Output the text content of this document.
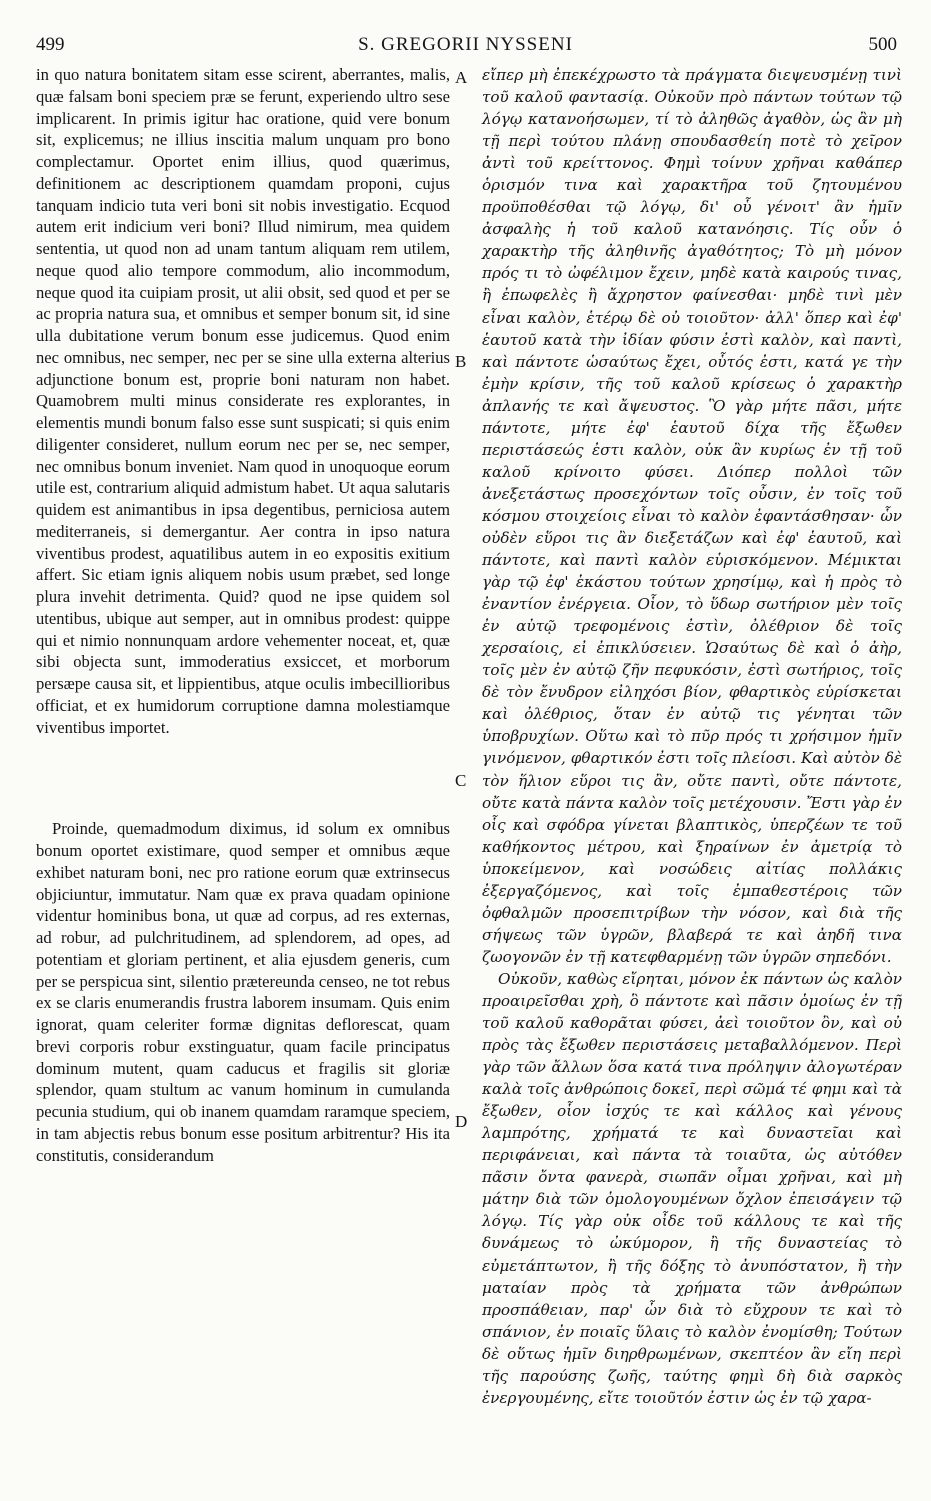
499	S. GREGORII NYSSENI	500

in quo natura bonitatem sitam esse scirent, aberrantes, malis, quæ falsam boni speciem præ se ferunt, experiendo ultro sese implicarent. In primis igitur hac oratione, quid vere bonum sit, explicemus; ne illius inscitia malum unquam pro bono complectamur. Oportet enim illius, quod quærimus, definitionem ac descriptionem quamdam proponi, cujus tanquam indicio tuta veri boni sit nobis investigatio. Ecquod autem erit indicium veri boni? Illud nimirum, mea quidem sententia, ut quod non ad unam tantum aliquam rem utilem, neque quod alio tempore commodum, alio incommodum, neque quod ita cuipiam prosit, ut alii obsit, sed quod et per se ac propria natura sua, et omnibus et semper bonum sit, id sine ulla dubitatione verum bonum esse judicemus. Quod enim nec omnibus, nec semper, nec per se sine ulla externa alterius adjunctione bonum est, proprie boni naturam non habet. Quamobrem multi minus considerate res explorantes, in elementis mundi bonum falso esse sunt suspicati; si quis enim diligenter consideret, nullum eorum nec per se, nec semper, nec omnibus bonum inveniet. Nam quod in unoquoque eorum utile est, contrarium aliquid admistum habet. Ut aqua salutaris quidem est animantibus in ipsa degentibus, perniciosa autem mediterraneis, si demergantur. Aer contra in ipso natura viventibus prodest, aquatilibus autem in eo expositis exitium affert. Sic etiam ignis aliquem nobis usum præbet, sed longe plura invehit detrimenta. Quid? quod ne ipse quidem sol utentibus, ubique aut semper, aut in omnibus prodest: quippe qui et nimio nonnunquam ardore vehementer noceat, et, quæ sibi objecta sunt, immoderatius exsiccet, et morborum persæpe causa sit, et lippientibus, atque oculis imbecillioribus officiat, et ex humidorum corruptione damna molestiamque viventibus importet.

Proinde, quemadmodum diximus, id solum ex omnibus bonum oportet existimare, quod semper et omnibus æque exhibet naturam boni, nec pro ratione eorum quæ extrinsecus objiciuntur, immutatur. Nam quæ ex prava quadam opinione videntur hominibus bona, ut quæ ad corpus, ad res externas, ad robur, ad pulchritudinem, ad splendorem, ad opes, ad potentiam et gloriam pertinent, et alia ejusdem generis, cum per se perspicua sint, silentio prætereunda censeo, ne tot rebus ex se claris enumerandis frustra laborem insumam. Quis enim ignorat, quam celeriter formæ dignitas deflorescat, quam brevi corporis robur exstinguatur, quam facile principatus dominum mutent, quam caducus et fragilis sit gloriæ splendor, quam stultum ac vanum hominum in cumulanda pecunia studium, qui ob inanem quamdam raramque speciem, in tam abjectis rebus bonum esse positum arbitrentur? His ita constitutis, considerandum

A
B
C
D

εἴπερ μὴ ἐπεκέχρωστο τὰ πράγματα διεψευσμένῃ τινὶ τοῦ καλοῦ φαντασίᾳ. Οὐκοῦν πρὸ πάντων τούτων τῷ λόγῳ κατανοήσωμεν, τί τὸ ἀληθῶς ἀγαθὸν, ὡς ἂν μὴ τῇ περὶ τούτου πλάνῃ σπουδασθείη ποτὲ τὸ χεῖρον ἀντὶ τοῦ κρείττονος. Φημὶ τοίνυν χρῆναι καθάπερ ὁρισμόν τινα καὶ χαρακτῆρα τοῦ ζητουμένου προϋποθέσθαι τῷ λόγῳ, δι' οὗ γένοιτ' ἂν ἡμῖν ἀσφαλὴς ἡ τοῦ καλοῦ κατανόησις. Τίς οὖν ὁ χαρακτὴρ τῆς ἀληθινῆς ἀγαθότητος; Τὸ μὴ μόνον πρός τι τὸ ὠφέλιμον ἔχειν, μηδὲ κατὰ καιρούς τινας, ἢ ἐπωφελὲς ἢ ἄχρηστον φαίνεσθαι· μηδὲ τινὶ μὲν εἶναι καλὸν, ἑτέρῳ δὲ οὐ τοιοῦτον· ἀλλ' ὅπερ καὶ ἐφ' ἑαυτοῦ κατὰ τὴν ἰδίαν φύσιν ἐστὶ καλὸν, καὶ παντὶ, καὶ πάντοτε ὡσαύτως ἔχει, οὗτός ἐστι, κατά γε τὴν ἐμὴν κρίσιν, τῆς τοῦ καλοῦ κρίσεως ὁ χαρακτὴρ ἀπλανής τε καὶ ἄψευστος. Ὃ γὰρ μήτε πᾶσι, μήτε πάντοτε, μήτε ἐφ' ἑαυτοῦ δίχα τῆς ἔξωθεν περιστάσεώς ἐστι καλὸν, οὐκ ἂν κυρίως ἐν τῇ τοῦ καλοῦ κρίνοιτο φύσει. Διόπερ πολλοὶ τῶν ἀνεξετάστως προσεχόντων τοῖς οὖσιν, ἐν τοῖς τοῦ κόσμου στοιχείοις εἶναι τὸ καλὸν ἐφαντάσθησαν· ὧν οὐδὲν εὕροι τις ἂν διεξετάζων καὶ ἐφ' ἑαυτοῦ, καὶ πάντοτε, καὶ παντὶ καλὸν εὑρισκόμενον. Μέμικται γὰρ τῷ ἐφ' ἑκάστου τούτων χρησίμῳ, καὶ ἡ πρὸς τὸ ἐναντίον ἐνέργεια. Οἷον, τὸ ὕδωρ σωτήριον μὲν τοῖς ἐν αὐτῷ τρεφομένοις ἐστὶν, ὀλέθριον δὲ τοῖς χερσαίοις, εἰ ἐπικλύσειεν. Ὡσαύτως δὲ καὶ ὁ ἀὴρ, τοῖς μὲν ἐν αὐτῷ ζῆν πεφυκόσιν, ἐστὶ σωτήριος, τοῖς δὲ τὸν ἔνυδρον εἰληχόσι βίον, φθαρτικὸς εὑρίσκεται καὶ ὀλέθριος, ὅταν ἐν αὐτῷ τις γένηται τῶν ὑποβρυχίων. Οὕτω καὶ τὸ πῦρ πρός τι χρήσιμον ἡμῖν γινόμενον, φθαρτικόν ἐστι τοῖς πλείοσι. Καὶ αὐτὸν δὲ τὸν ἥλιον εὕροι τις ἂν, οὔτε παντὶ, οὔτε πάντοτε, οὔτε κατὰ πάντα καλὸν τοῖς μετέχουσιν. Ἔστι γὰρ ἐν οἷς καὶ σφόδρα γίνεται βλαπτικὸς, ὑπερζέων τε τοῦ καθήκοντος μέτρου, καὶ ξηραίνων ἐν ἀμετρίᾳ τὸ ὑποκείμενον, καὶ νοσώδεις αἰτίας πολλάκις ἐξεργαζόμενος, καὶ τοῖς ἐμπαθεστέροις τῶν ὀφθαλμῶν προσεπιτρίβων τὴν νόσον, καὶ διὰ τῆς σήψεως τῶν ὑγρῶν, βλαβερά τε καὶ ἀηδῆ τινα ζωογονῶν ἐν τῇ κατεφθαρμένῃ τῶν ὑγρῶν σηπεδόνι.

Οὐκοῦν, καθὼς εἴρηται, μόνον ἐκ πάντων ὡς καλὸν προαιρεῖσθαι χρὴ, ὃ πάντοτε καὶ πᾶσιν ὁμοίως ἐν τῇ τοῦ καλοῦ καθορᾶται φύσει, ἀεὶ τοιοῦτον ὂν, καὶ οὐ πρὸς τὰς ἔξωθεν περιστάσεις μεταβαλλόμενον. Περὶ γὰρ τῶν ἄλλων ὅσα κατά τινα πρόληψιν ἀλογωτέραν καλὰ τοῖς ἀνθρώποις δοκεῖ, περὶ σῶμά τέ φημι καὶ τὰ ἔξωθεν, οἷον ἰσχύς τε καὶ κάλλος καὶ γένους λαμπρότης, χρήματά τε καὶ δυναστεῖαι καὶ περιφάνειαι, καὶ πάντα τὰ τοιαῦτα, ὡς αὐτόθεν πᾶσιν ὄντα φανερὰ, σιωπᾶν οἶμαι χρῆναι, καὶ μὴ μάτην διὰ τῶν ὁμολογουμένων ὄχλον ἐπεισάγειν τῷ λόγῳ. Τίς γὰρ οὐκ οἶδε τοῦ κάλλους τε καὶ τῆς δυνάμεως τὸ ὠκύμορον, ἢ τῆς δυναστείας τὸ εὐμετάπτωτον, ἢ τῆς δόξης τὸ ἀνυπόστατον, ἢ τὴν ματαίαν πρὸς τὰ χρήματα τῶν ἀνθρώπων προσπάθειαν, παρ' ὧν διὰ τὸ εὔχρουν τε καὶ τὸ σπάνιον, ἐν ποιαῖς ὕλαις τὸ καλὸν ἐνομίσθη; Τούτων δὲ οὕτως ἡμῖν διηρθρωμένων, σκεπτέον ἂν εἴη περὶ τῆς παρούσης ζωῆς, ταύτης φημὶ δὴ διὰ σαρκὸς ἐνεργουμένης, εἴτε τοιοῦτόν ἐστιν ὡς ἐν τῷ χαρα-
